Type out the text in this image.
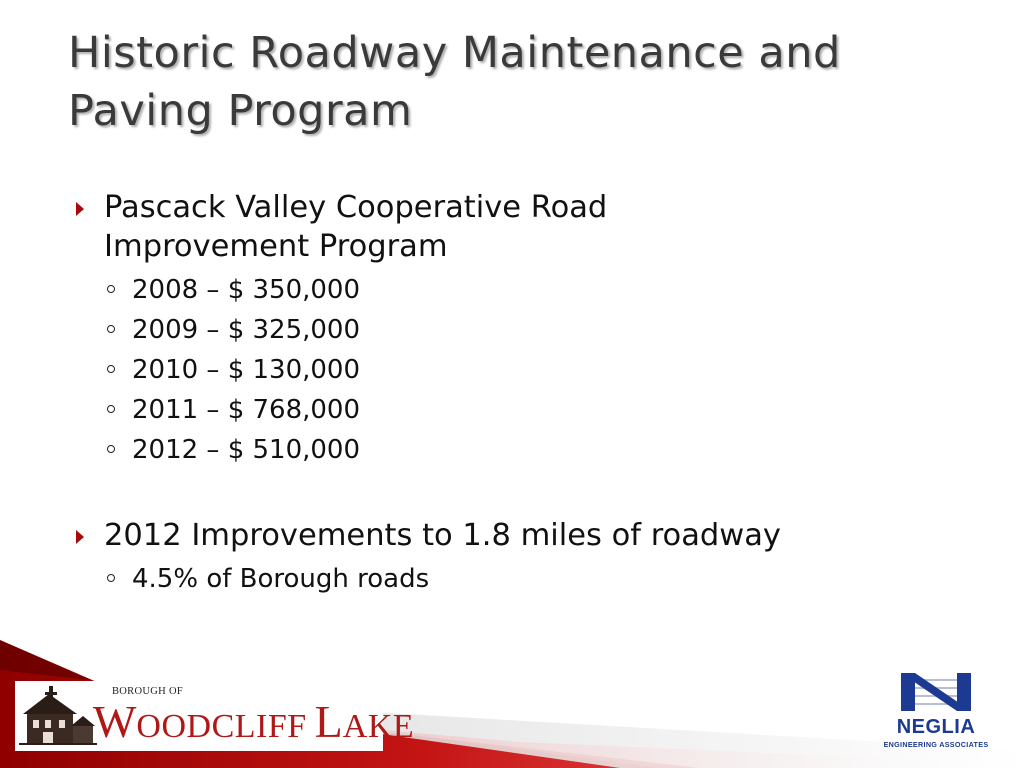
Historic Roadway Maintenance and
Paving Program
Pascack Valley Cooperative Road
Improvement Program
2008 – $ 350,000
2009 – $ 325,000
2010 – $ 130,000
2011 – $ 768,000
2012 – $ 510,000
2012 Improvements to 1.8 miles of roadway
4.5% of Borough roads
BOROUGH OF
WOODCLIFF LAKE	NEGLIA
ENGINEERING ASSOCIATES
